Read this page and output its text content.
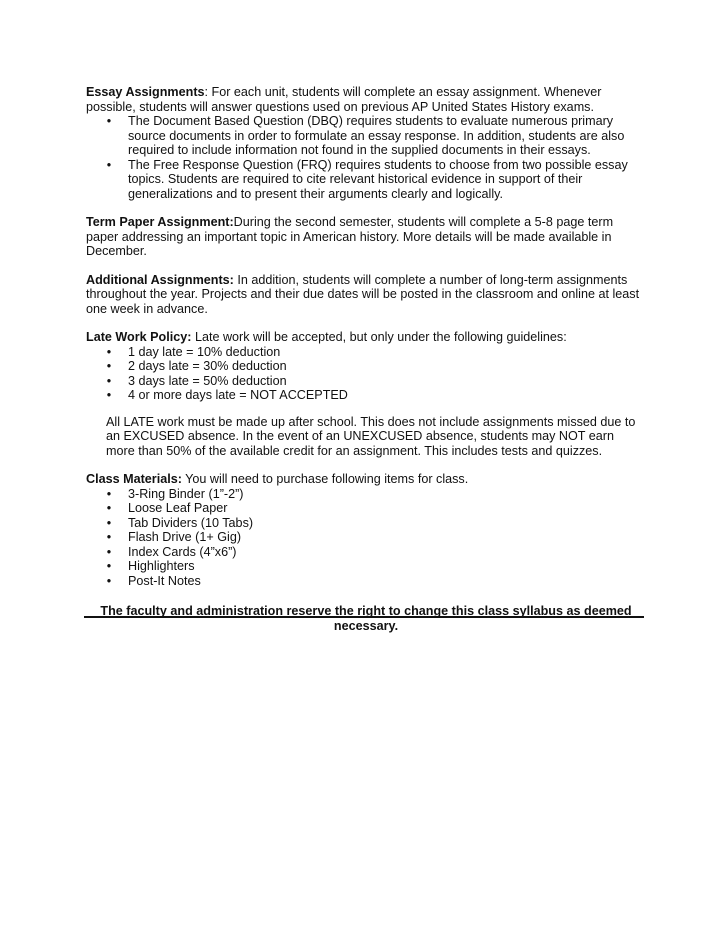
Essay Assignments: For each unit, students will complete an essay assignment. Whenever possible, students will answer questions used on previous AP United States History exams.

• The Document Based Question (DBQ) requires students to evaluate numerous primary source documents in order to formulate an essay response. In addition, students are also required to include information not found in the supplied documents in their essays.
• The Free Response Question (FRQ) requires students to choose from two possible essay topics. Students are required to cite relevant historical evidence in support of their generalizations and to present their arguments clearly and logically.

Term Paper Assignment:During the second semester, students will complete a 5-8 page term paper addressing an important topic in American history. More details will be made available in December.

Additional Assignments: In addition, students will complete a number of long-term assignments throughout the year. Projects and their due dates will be posted in the classroom and online at least one week in advance.

Late Work Policy: Late work will be accepted, but only under the following guidelines:

• 1 day late = 10% deduction
• 2 days late = 30% deduction
• 3 days late = 50% deduction
• 4 or more days late = NOT ACCEPTED

All LATE work must be made up after school. This does not include assignments missed due to an EXCUSED absence. In the event of an UNEXCUSED absence, students may NOT earn more than 50% of the available credit for an assignment. This includes tests and quizzes.

Class Materials: You will need to purchase following items for class.

• 3-Ring Binder (1”-2”)
• Loose Leaf Paper
• Tab Dividers (10 Tabs)
• Flash Drive (1+ Gig)
• Index Cards (4”x6”)
• Highlighters
• Post-It Notes

The faculty and administration reserve the right to change this class syllabus as deemed necessary.
